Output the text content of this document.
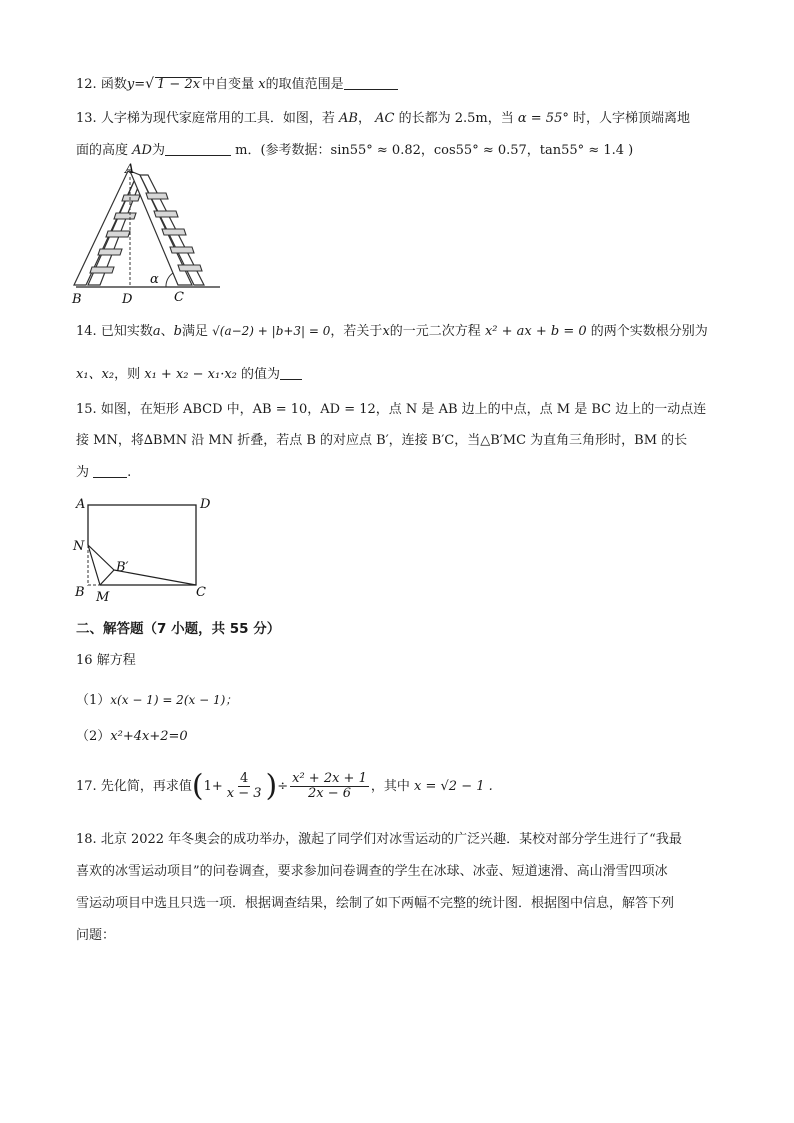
12. 函数y=√ 1 − 2x 中自变量 x的取值范围是
13. 人字梯为现代家庭常用的工具．如图，若 AB， AC 的长都为 2.5m，当 α = 55° 时，人字梯顶端离地
面的高度 AD为	m．(参考数据：sin55° ≈ 0.82，cos55° ≈ 0.57，tan55° ≈ 1.4 )
A
B	D	C
α
14. 已知实数a、b满足 √(a−2) + |b+3| = 0，若关于x的一元二次方程 x² + ax + b = 0 的两个实数根分别为
x₁、x₂，则 x₁ + x₂ − x₁·x₂ 的值为
15. 如图，在矩形 ABCD 中，AB = 10，AD = 12，点 N 是 AB 边上的中点，点 M 是 BC 边上的一动点连
接 MN，将∆BMN 沿 MN 折叠，若点 B 的对应点 B′，连接 B′C，当△B′MC 为直角三角形时，BM 的长
为	.
A	D
N
B′
B M	C
二、解答题（7 小题，共 55 分）
16 解方程
（1）x(x − 1) = 2(x − 1)；
（2）x²+4x+2=0
17. 先化简，再求值($1+ \frac{4}{x - 3}$ )÷ $\frac{\text{x² + 2x + 1}}{2x - 6}$ ，其中 x = √2 − 1 .
18. 北京 2022 年冬奥会的成功举办，激起了同学们对冰雪运动的广泛兴趣．某校对部分学生进行了“我最
喜欢的冰雪运动项目”的问卷调查，要求参加问卷调查的学生在冰球、冰壶、短道速滑、高山滑雪四项冰
雪运动项目中选且只选一项．根据调查结果，绘制了如下两幅不完整的统计图．根据图中信息，解答下列
问题：
